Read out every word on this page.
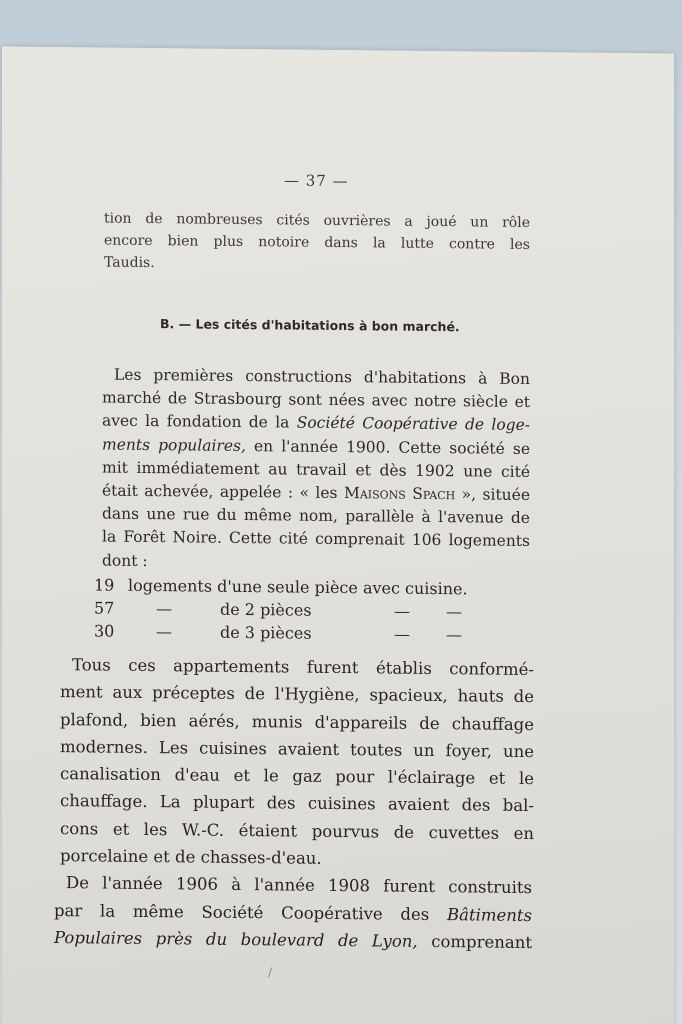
— 37 —
tion de nombreuses cités ouvrières a joué un rôle
encore bien plus notoire dans la lutte contre les
Taudis.
B. — Les cités d'habitations à bon marché.
Les premières constructions d'habitations à Bon
marché de Strasbourg sont nées avec notre siècle et
avec la fondation de la Société Coopérative de loge-
ments populaires, en l'année 1900. Cette société se
mit immédiatement au travail et dès 1902 une cité
était achevée, appelée : « les Maisons Spach », située
dans une rue du même nom, parallèle à l'avenue de
la Forêt Noire. Cette cité comprenait 106 logements
dont :
19 logements d'une seule pièce avec cuisine.
57	—	de 2 pièces	— —
30	—	de 3 pièces	— —
Tous ces appartements furent établis conformé-
ment aux préceptes de l'Hygiène, spacieux, hauts de
plafond, bien aérés, munis d'appareils de chauffage
modernes. Les cuisines avaient toutes un foyer, une
canalisation d'eau et le gaz pour l'éclairage et le
chauffage. La plupart des cuisines avaient des bal-
cons et les W.-C. étaient pourvus de cuvettes en
porcelaine et de chasses-d'eau.
De l'année 1906 à l'année 1908 furent construits
par la même Société Coopérative des Bâtiments
Populaires près du boulevard de Lyon, comprenant
/
